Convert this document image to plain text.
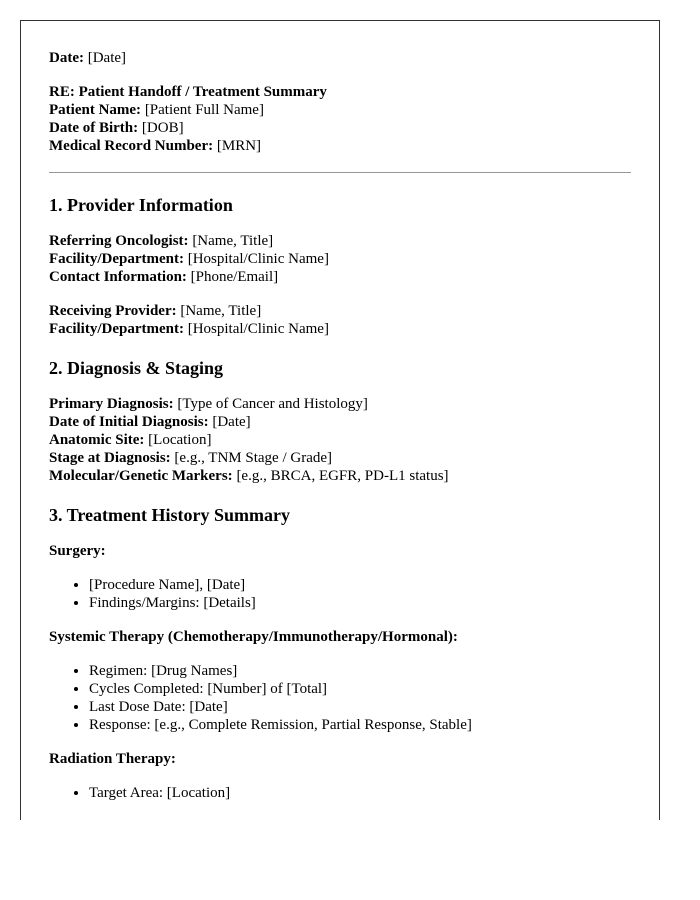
Date: [Date]

RE: Patient Handoff / Treatment Summary

Patient Name: [Patient Full Name]

Date of Birth: [DOB]

Medical Record Number: [MRN]

1. Provider Information

Referring Oncologist: [Name, Title]

Facility/Department: [Hospital/Clinic Name]

Contact Information: [Phone/Email]

Receiving Provider: [Name, Title]

Facility/Department: [Hospital/Clinic Name]

2. Diagnosis & Staging

Primary Diagnosis: [Type of Cancer and Histology]

Date of Initial Diagnosis: [Date]

Anatomic Site: [Location]

Stage at Diagnosis: [e.g., TNM Stage / Grade]

Molecular/Genetic Markers: [e.g., BRCA, EGFR, PD-L1 status]

3. Treatment History Summary
Surgery:
• [Procedure Name], [Date]
• Findings/Margins: [Details]
Systemic Therapy (Chemotherapy/Immunotherapy/Hormonal):
• Regimen: [Drug Names]
• Cycles Completed: [Number] of [Total]
• Last Dose Date: [Date]
• Response: [e.g., Complete Remission, Partial Response, Stable]
Radiation Therapy:
• Target Area: [Location]
